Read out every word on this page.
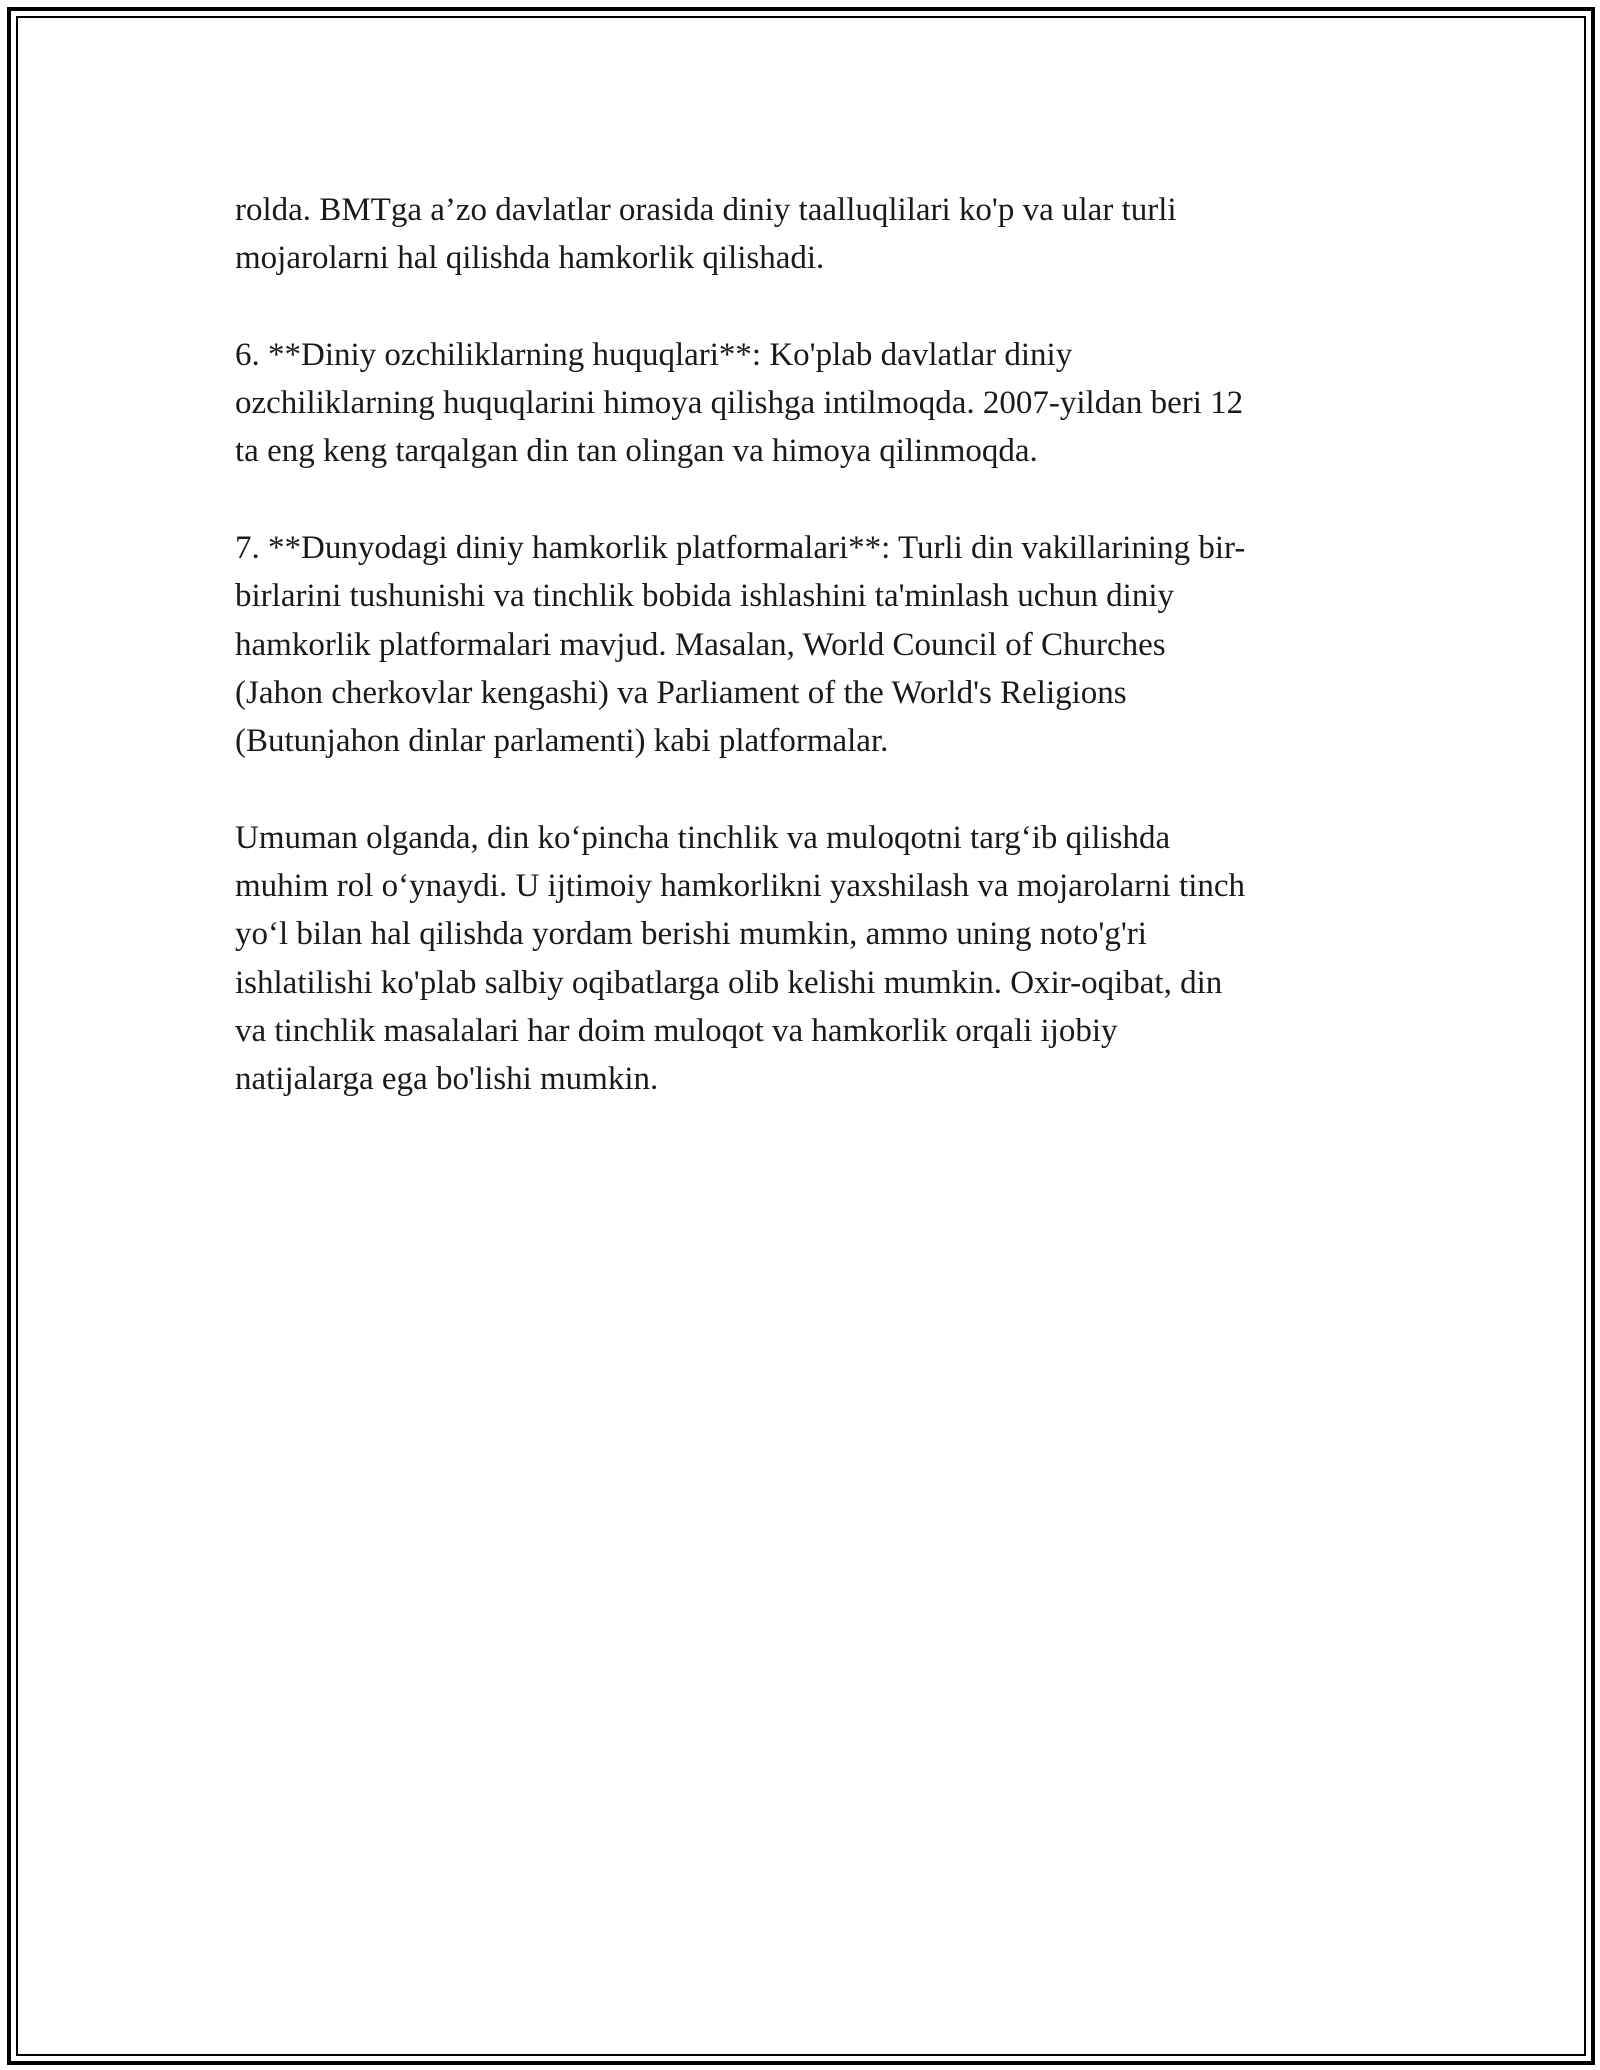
rolda. BMTga a’zo davlatlar orasida diniy taalluqlilari ko'p va ular turli
mojarolarni hal qilishda hamkorlik qilishadi.

6. **Diniy ozchiliklarning huquqlari**: Ko'plab davlatlar diniy
ozchiliklarning huquqlarini himoya qilishga intilmoqda. 2007-yildan beri 12
ta eng keng tarqalgan din tan olingan va himoya qilinmoqda.

7. **Dunyodagi diniy hamkorlik platformalari**: Turli din vakillarining bir-
birlarini tushunishi va tinchlik bobida ishlashini ta'minlash uchun diniy
hamkorlik platformalari mavjud. Masalan, World Council of Churches
(Jahon cherkovlar kengashi) va Parliament of the World's Religions
(Butunjahon dinlar parlamenti) kabi platformalar.

Umuman olganda, din ko‘pincha tinchlik va muloqotni targ‘ib qilishda
muhim rol o‘ynaydi. U ijtimoiy hamkorlikni yaxshilash va mojarolarni tinch
yo‘l bilan hal qilishda yordam berishi mumkin, ammo uning noto'g'ri
ishlatilishi ko'plab salbiy oqibatlarga olib kelishi mumkin. Oxir-oqibat, din
va tinchlik masalalari har doim muloqot va hamkorlik orqali ijobiy
natijalarga ega bo'lishi mumkin.
